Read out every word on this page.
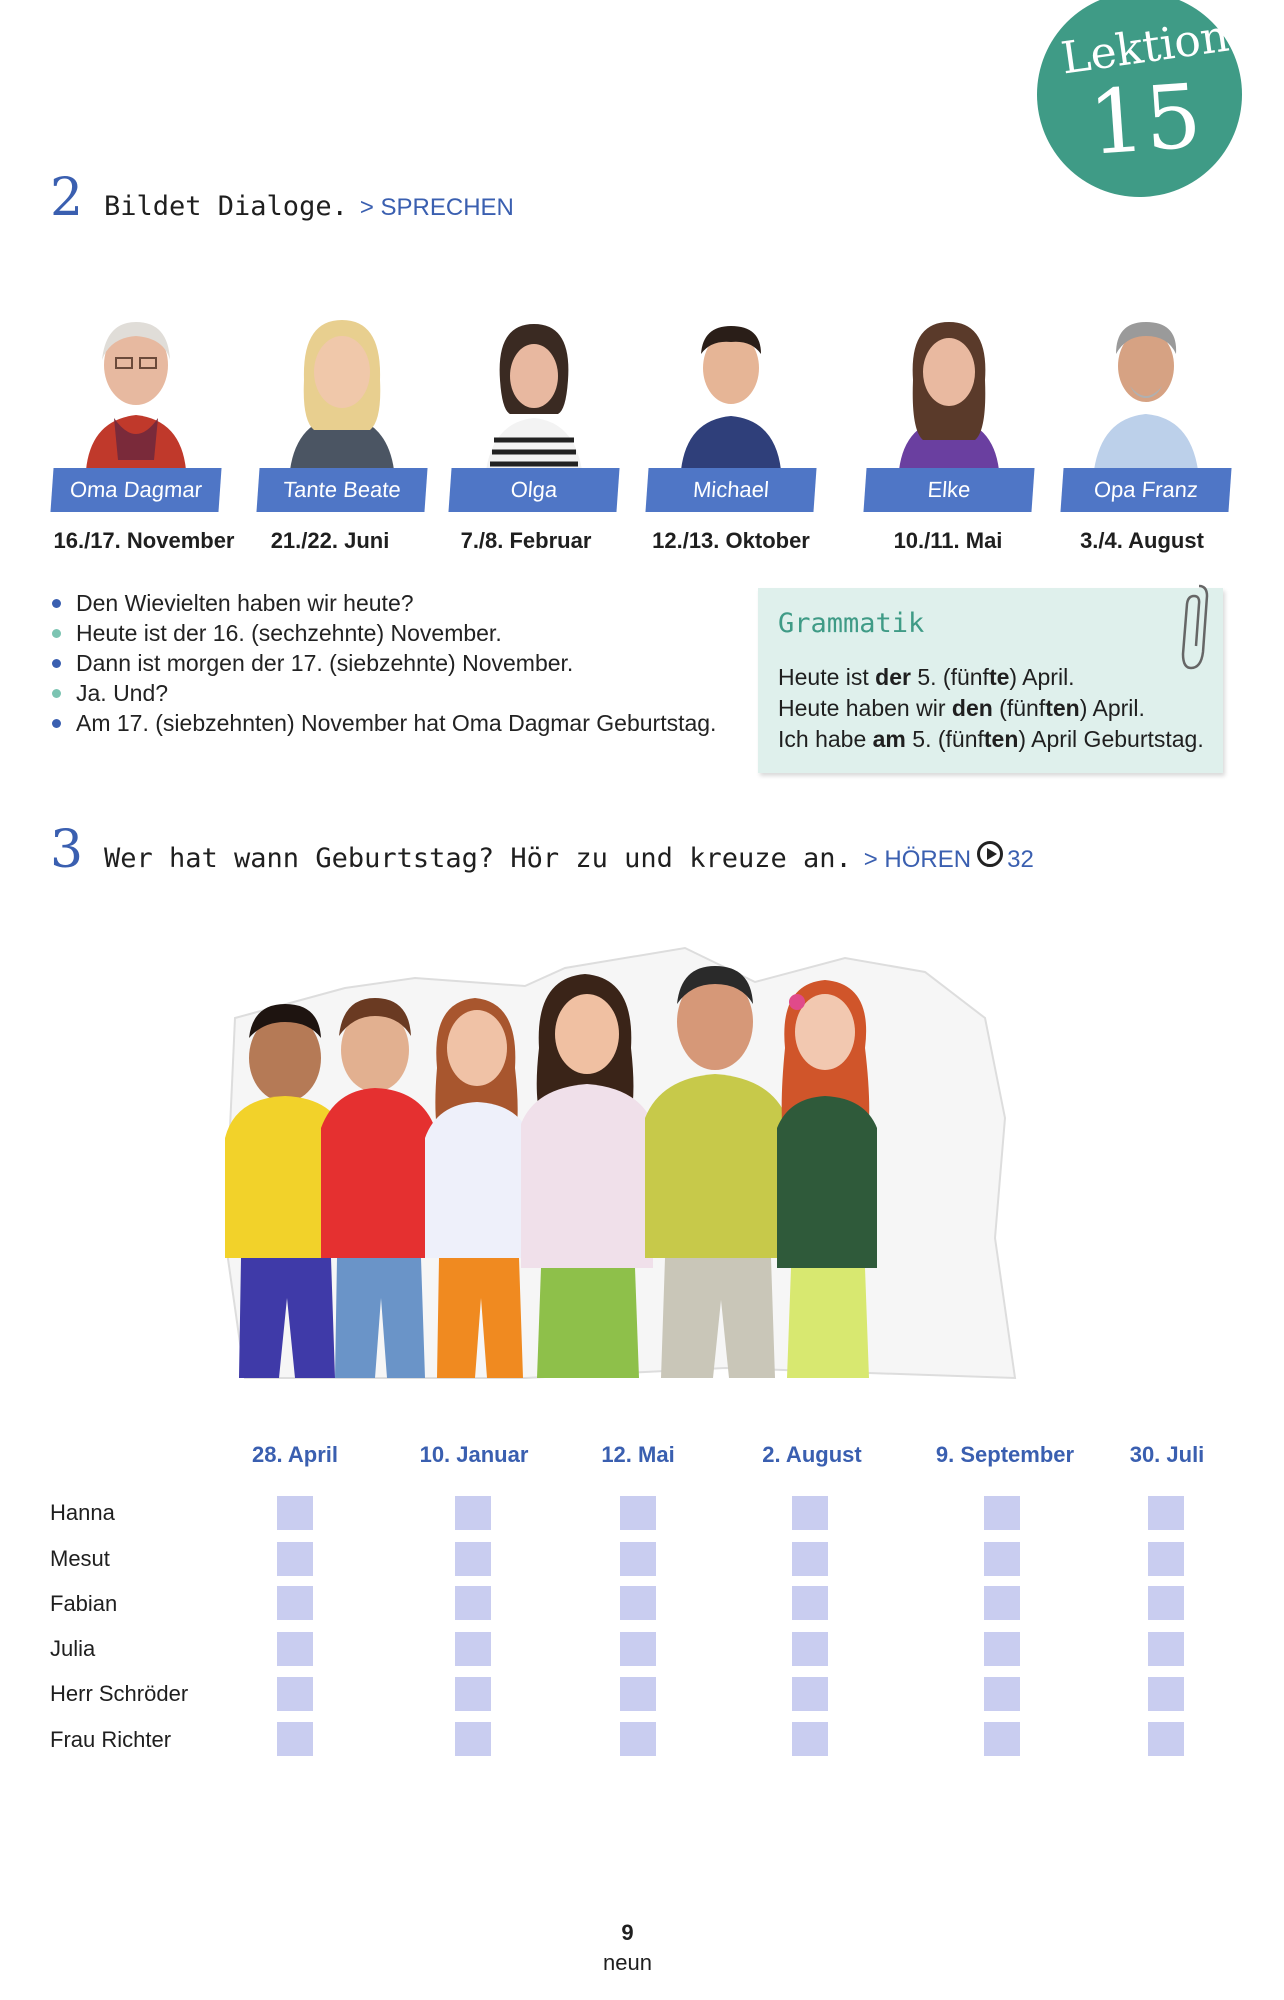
Lektion
15
2 Bildet Dialoge. > SPRECHEN
Oma Dagmar	Tante Beate	Olga	Michael	Elke	Opa Franz
16./17. November	21./22. Juni	7./8. Februar	12./13. Oktober	10./11. Mai	3./4. August
Den Wievielten haben wir heute?
Heute ist der 16. (sechzehnte) November.
Dann ist morgen der 17. (siebzehnte) November.
Ja. Und?
Am 17. (siebzehnten) November hat Oma Dagmar Geburtstag.
Grammatik
Heute ist der 5. (fünfte) April.
Heute haben wir den (fünften) April.
Ich habe am 5. (fünften) April Geburtstag.
3 Wer hat wann Geburtstag? Hör zu und kreuze an. > HÖREN 32
28. April	10. Januar	12. Mai	2. August	9. September	30. Juli
Hanna
Mesut
Fabian
Julia
Herr Schröder
Frau Richter
9
neun
